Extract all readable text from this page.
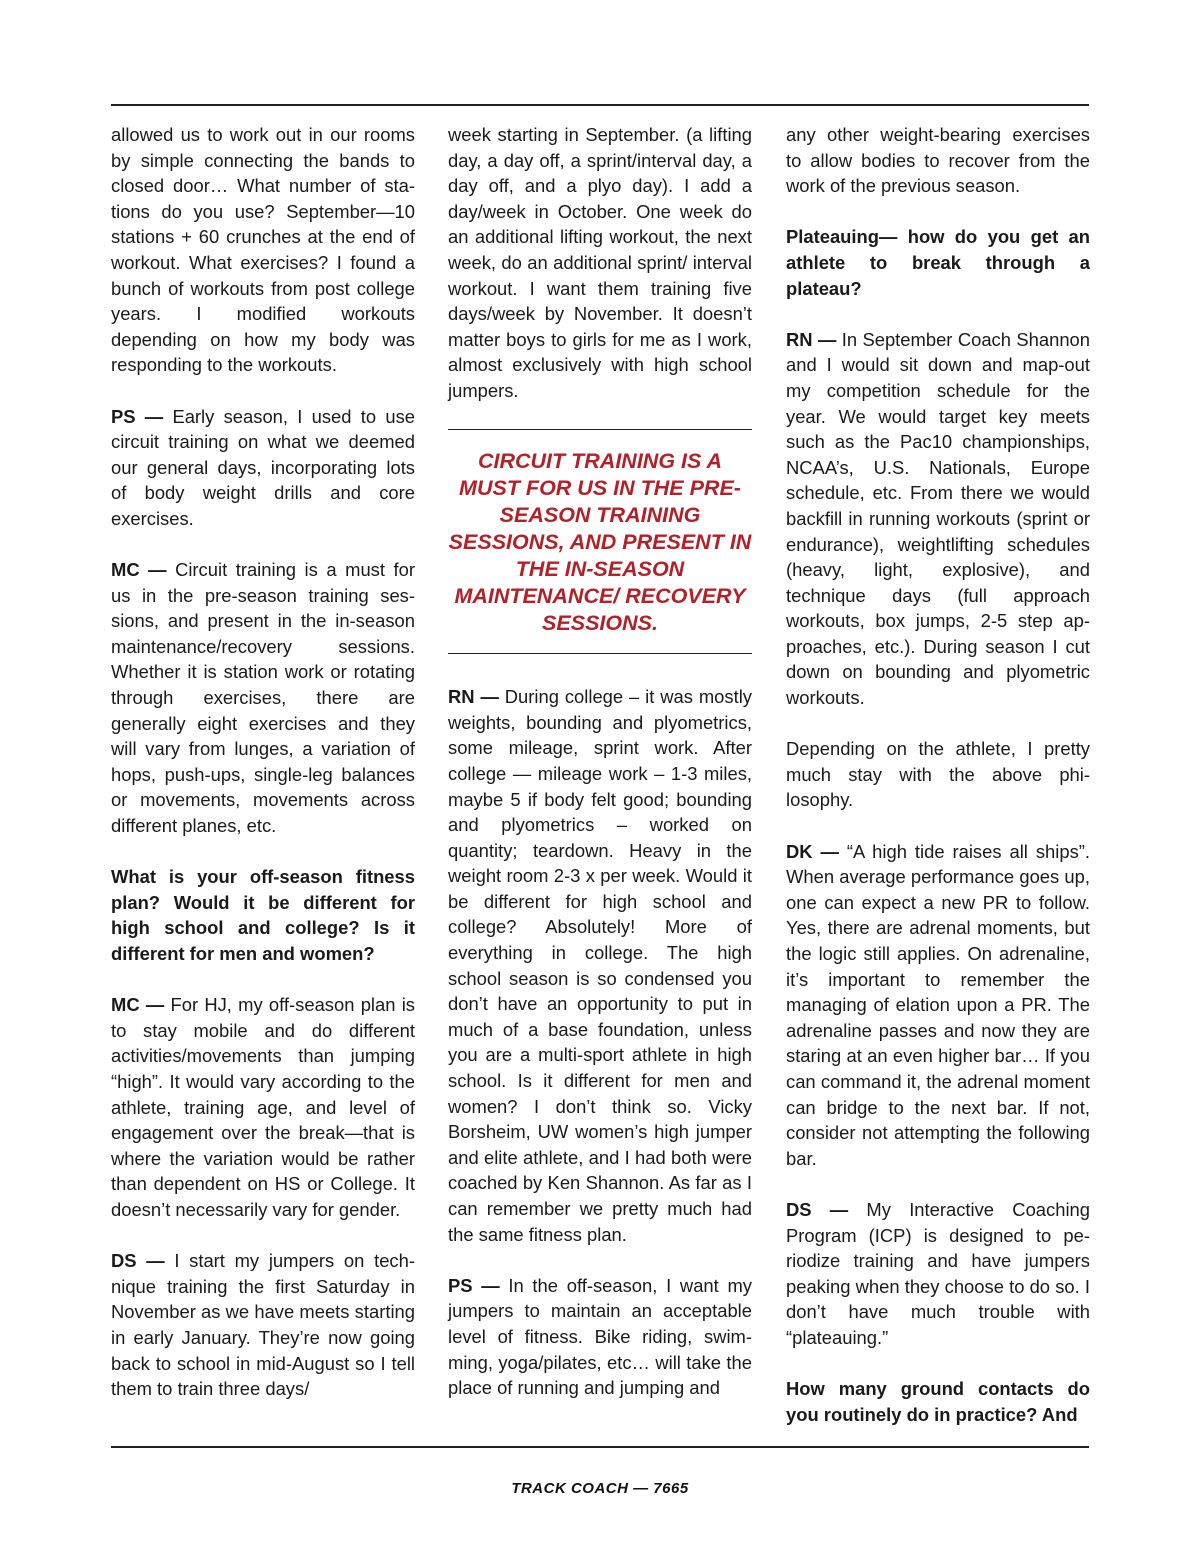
allowed us to work out in our rooms by simple connecting the bands to closed door… What number of stations do you use? September—10 stations + 60 crunches at the end of workout. What exercises? I found a bunch of workouts from post college years. I modified workouts depending on how my body was responding to the workouts.

PS — Early season, I used to use circuit training on what we deemed our general days, incorporating lots of body weight drills and core exercises.

MC — Circuit training is a must for us in the pre-season training sessions, and present in the in-season maintenance/recovery sessions. Whether it is station work or rotating through exercises, there are generally eight exercises and they will vary from lunges, a variation of hops, push-ups, single-leg balances or movements, movements across different planes, etc.

What is your off-season fitness plan? Would it be different for high school and college? Is it different for men and women?

MC — For HJ, my off-season plan is to stay mobile and do different activities/movements than jumping “high”. It would vary according to the athlete, training age, and level of engagement over the break—that is where the variation would be rather than dependent on HS or College. It doesn’t necessarily vary for gender.

DS — I start my jumpers on technique training the first Saturday in November as we have meets starting in early January. They’re now going back to school in mid-August so I tell them to train three days/

week starting in September. (a lifting day, a day off, a sprint/interval day, a day off, and a plyo day). I add a day/week in October. One week do an additional lifting workout, the next week, do an additional sprint/ interval workout. I want them training five days/week by November. It doesn’t matter boys to girls for me as I work, almost exclusively with high school jumpers.

CIRCUIT TRAINING IS A MUST FOR US IN THE PRE-SEASON TRAINING SESSIONS, AND PRESENT IN THE IN-SEASON MAINTENANCE/ RECOVERY SESSIONS.

RN — During college – it was mostly weights, bounding and plyometrics, some mileage, sprint work. After college — mileage work – 1-3 miles, maybe 5 if body felt good; bounding and plyometrics – worked on quantity; teardown. Heavy in the weight room 2-3 x per week. Would it be different for high school and college? Absolutely! More of everything in college. The high school season is so condensed you don’t have an opportunity to put in much of a base foundation, unless you are a multi-sport athlete in high school. Is it different for men and women? I don’t think so. Vicky Borsheim, UW women’s high jumper and elite athlete, and I had both were coached by Ken Shannon. As far as I can remember we pretty much had the same fitness plan.

PS — In the off-season, I want my jumpers to maintain an acceptable level of fitness. Bike riding, swimming, yoga/pilates, etc… will take the place of running and jumping and

any other weight-bearing exercises to allow bodies to recover from the work of the previous season.

Plateauing— how do you get an athlete to break through a plateau?

RN — In September Coach Shannon and I would sit down and map-out my competition schedule for the year. We would target key meets such as the Pac10 championships, NCAA’s, U.S. Nationals, Europe schedule, etc. From there we would backfill in running workouts (sprint or endurance), weightlifting schedules (heavy, light, explosive), and technique days (full approach workouts, box jumps, 2-5 step approaches, etc.). During season I cut down on bounding and plyometric workouts.

Depending on the athlete, I pretty much stay with the above philosophy.

DK — “A high tide raises all ships”. When average performance goes up, one can expect a new PR to follow. Yes, there are adrenal moments, but the logic still applies. On adrenaline, it’s important to remember the managing of elation upon a PR. The adrenaline passes and now they are staring at an even higher bar… If you can command it, the adrenal moment can bridge to the next bar. If not, consider not attempting the following bar.

DS — My Interactive Coaching Program (ICP) is designed to periodize training and have jumpers peaking when they choose to do so. I don’t have much trouble with “plateauing.”

How many ground contacts do you routinely do in practice? And

TRACK COACH — 7665
